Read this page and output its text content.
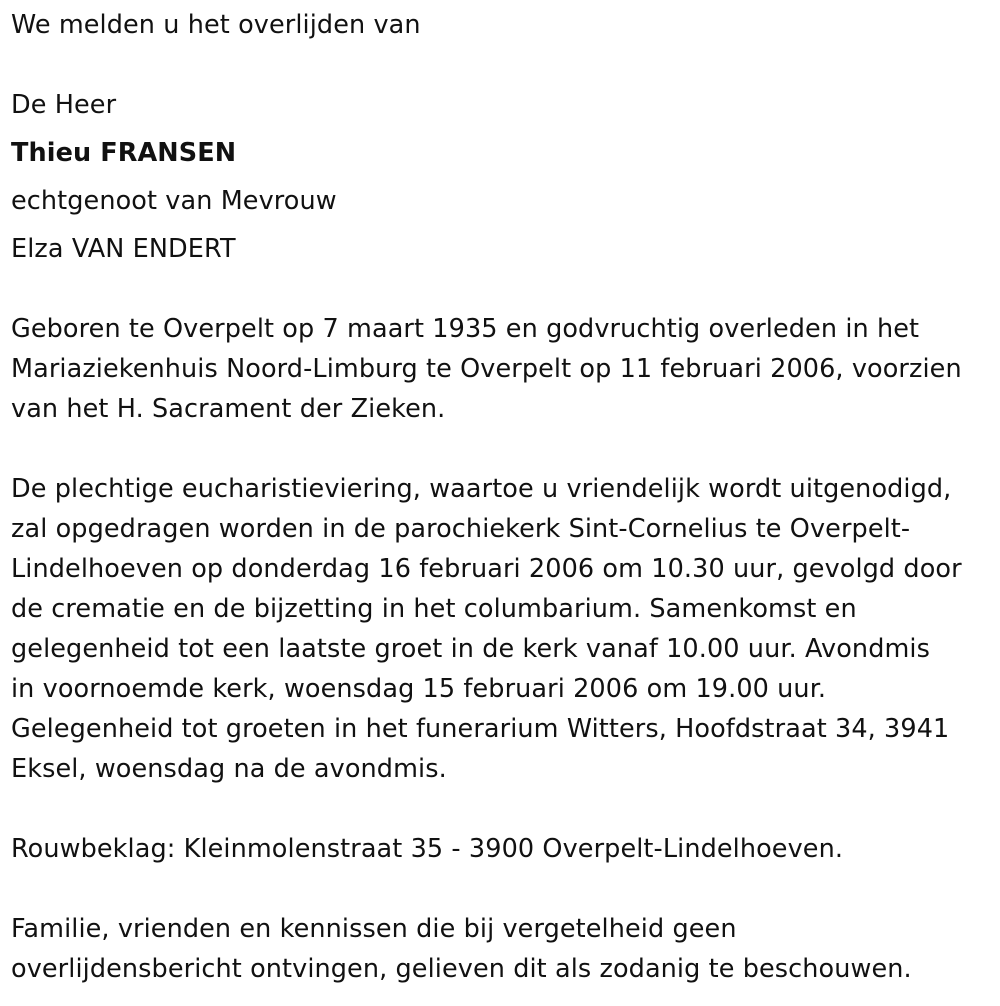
We melden u het overlijden van
De Heer
Thieu FRANSEN
echtgenoot van Mevrouw
Elza VAN ENDERT
Geboren te Overpelt op 7 maart 1935 en godvruchtig overleden in het
Mariaziekenhuis Noord-Limburg te Overpelt op 11 februari 2006, voorzien
van het H. Sacrament der Zieken.
De plechtige eucharistieviering, waartoe u vriendelijk wordt uitgenodigd,
zal opgedragen worden in de parochiekerk Sint-Cornelius te Overpelt-
Lindelhoeven op donderdag 16 februari 2006 om 10.30 uur, gevolgd door
de crematie en de bijzetting in het columbarium. Samenkomst en
gelegenheid tot een laatste groet in de kerk vanaf 10.00 uur. Avondmis
in voornoemde kerk, woensdag 15 februari 2006 om 19.00 uur.
Gelegenheid tot groeten in het funerarium Witters, Hoofdstraat 34, 3941
Eksel, woensdag na de avondmis.
Rouwbeklag: Kleinmolenstraat 35 - 3900 Overpelt-Lindelhoeven.
Familie, vrienden en kennissen die bij vergetelheid geen
overlijdensbericht ontvingen, gelieven dit als zodanig te beschouwen.
